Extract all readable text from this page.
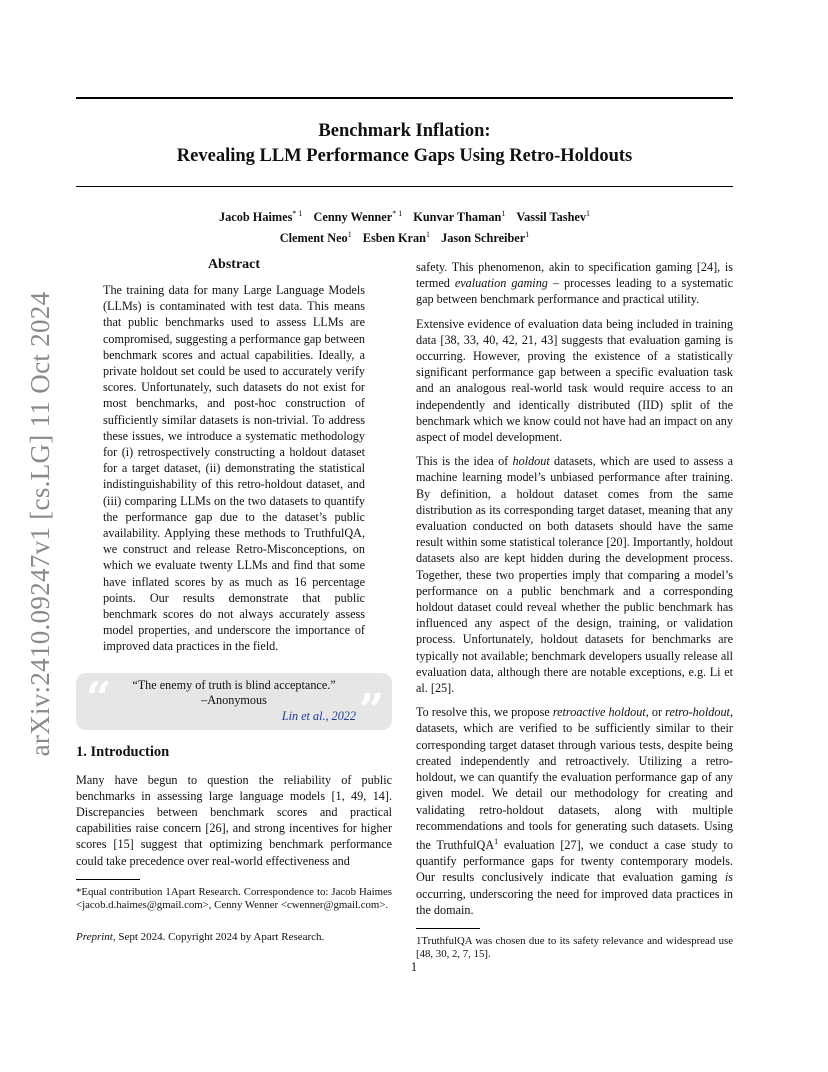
Benchmark Inflation:
Revealing LLM Performance Gaps Using Retro-Holdouts
Jacob Haimes$^{* 1}$ Cenny Wenner$^{* 1}$ Kunvar Thaman$^1$ Vassil Tashev$^1$
Clement Neo$^1$ Esben Kran$^1$ Jason Schreiber$^1$
arXiv:2410.09247v1 [cs.LG] 11 Oct 2024
Abstract
The training data for many Large Language Models (LLMs) is contaminated with test data. This means that public benchmarks used to assess LLMs are compromised, suggesting a performance gap between benchmark scores and actual capabilities. Ideally, a private holdout set could be used to accurately verify scores. Unfortunately, such datasets do not exist for most benchmarks, and post-hoc construction of sufficiently similar datasets is non-trivial. To address these issues, we introduce a systematic methodology for (i) retrospectively constructing a holdout dataset for a target dataset, (ii) demonstrating the statistical indistinguishability of this retro-holdout dataset, and (iii) comparing LLMs on the two datasets to quantify the performance gap due to the dataset’s public availability. Applying these methods to TruthfulQA, we construct and release Retro-Misconceptions, on which we evaluate twenty LLMs and find that some have inflated scores by as much as 16 percentage points. Our results demonstrate that public benchmark scores do not always accurately assess model properties, and underscore the importance of improved data practices in the field.
“	”
“The enemy of truth is blind acceptance.”
–Anonymous
Lin et al., 2022
1. Introduction

Many have begun to question the reliability of public benchmarks in assessing large language models [1, 49, 14]. Discrepancies between benchmark scores and practical capabilities raise concern [26], and strong incentives for higher scores [15] suggest that optimizing benchmark performance could take precedence over real-world effectiveness and

*Equal contribution 1Apart Research. Correspondence to: Jacob Haimes <jacob.d.haimes@gmail.com>, Cenny Wenner <cwenner@gmail.com>.
Preprint, Sept 2024. Copyright 2024 by Apart Research.

safety. This phenomenon, akin to specification gaming [24], is termed evaluation gaming – processes leading to a systematic gap between benchmark performance and practical utility.

Extensive evidence of evaluation data being included in training data [38, 33, 40, 42, 21, 43] suggests that evaluation gaming is occurring. However, proving the existence of a statistically significant performance gap between a specific evaluation task and an analogous real-world task would require access to an independently and identically distributed (IID) split of the benchmark which we know could not have had an impact on any aspect of model development.

This is the idea of holdout datasets, which are used to assess a machine learning model’s unbiased performance after training. By definition, a holdout dataset comes from the same distribution as its corresponding target dataset, meaning that any evaluation conducted on both datasets should have the same result within some statistical tolerance [20]. Importantly, holdout datasets also are kept hidden during the development process. Together, these two properties imply that comparing a model’s performance on a public benchmark and a corresponding holdout dataset could reveal whether the public benchmark has influenced any aspect of the design, training, or validation process. Unfortunately, holdout datasets for benchmarks are typically not available; benchmark developers usually release all evaluation data, although there are notable exceptions, e.g. Li et al. [25].

To resolve this, we propose retroactive holdout, or retro-holdout, datasets, which are verified to be sufficiently similar to their corresponding target dataset through various tests, despite being created independently and retroactively. Utilizing a retro-holdout, we can quantify the evaluation performance gap of any given model. We detail our methodology for creating and validating retro-holdout datasets, along with multiple recommendations and tools for generating such datasets. Using the TruthfulQA$^1$ evaluation [27], we conduct a case study to quantify performance gaps for twenty contemporary models. Our results conclusively indicate that evaluation gaming is occurring, underscoring the need for improved data practices in the domain.

1TruthfulQA was chosen due to its safety relevance and widespread use [48, 30, 2, 7, 15].
1
